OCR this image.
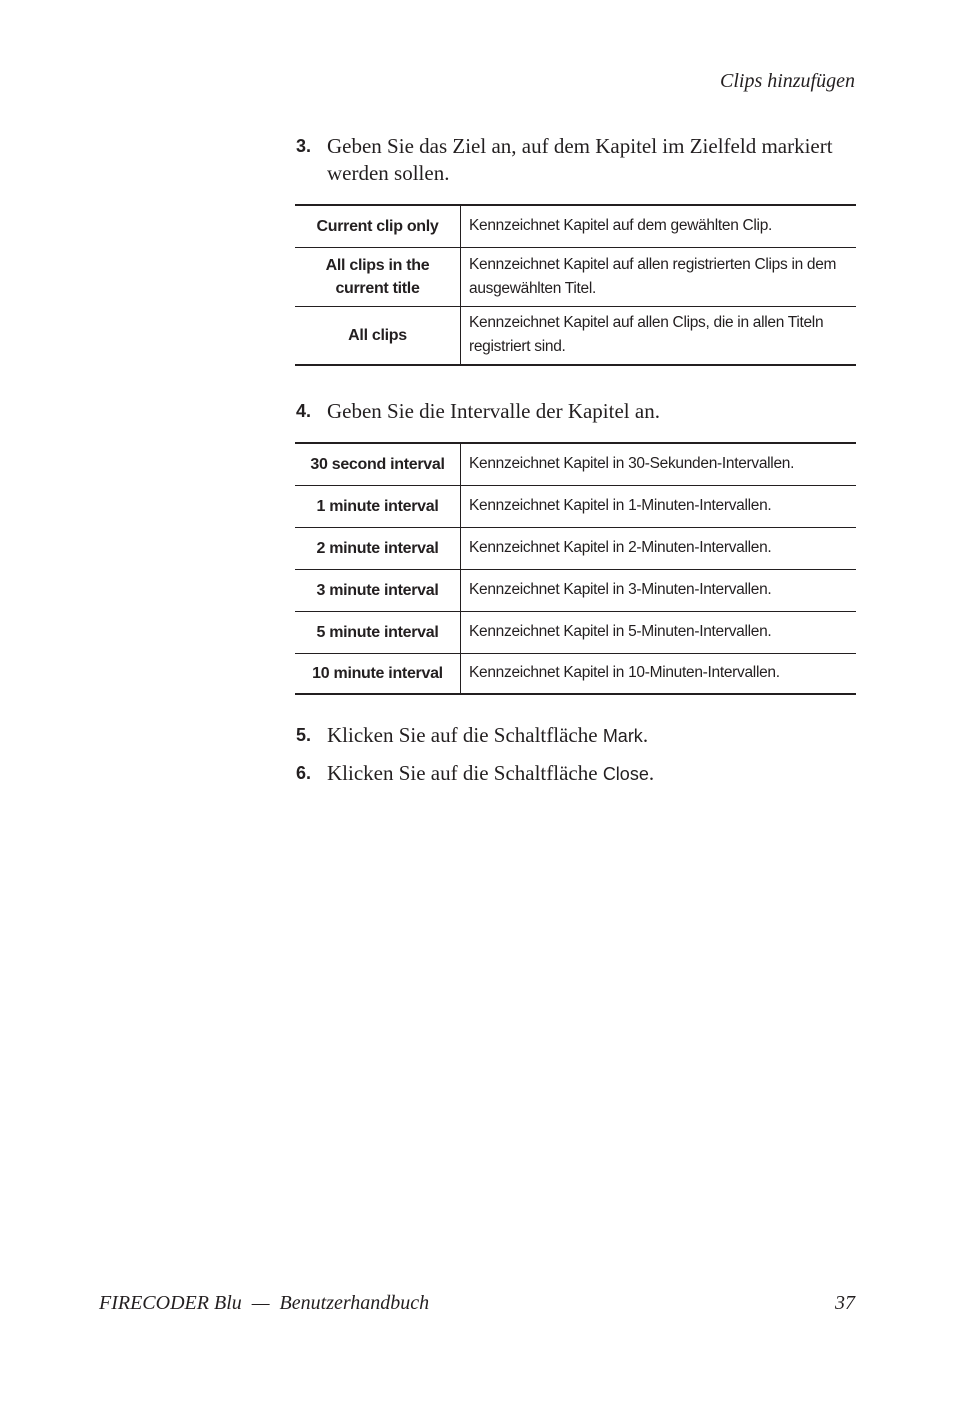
Clips hinzufügen
3. Geben Sie das Ziel an, auf dem Kapitel im Zielfeld markiert werden sollen.
Current clip only	Kennzeichnet Kapitel auf dem gewählten Clip.
All clips in the current title	Kennzeichnet Kapitel auf allen registrierten Clips in dem ausgewählten Titel.
All clips	Kennzeichnet Kapitel auf allen Clips, die in allen Titeln registriert sind.
4. Geben Sie die Intervalle der Kapitel an.
30 second interval	Kennzeichnet Kapitel in 30-Sekunden-Intervallen.
1 minute interval	Kennzeichnet Kapitel in 1-Minuten-Intervallen.
2 minute interval	Kennzeichnet Kapitel in 2-Minuten-Intervallen.
3 minute interval	Kennzeichnet Kapitel in 3-Minuten-Intervallen.
5 minute interval	Kennzeichnet Kapitel in 5-Minuten-Intervallen.
10 minute interval	Kennzeichnet Kapitel in 10-Minuten-Intervallen.
5. Klicken Sie auf die Schaltfläche Mark.
6. Klicken Sie auf die Schaltfläche Close.
FIRECODER Blu — Benutzerhandbuch	37
